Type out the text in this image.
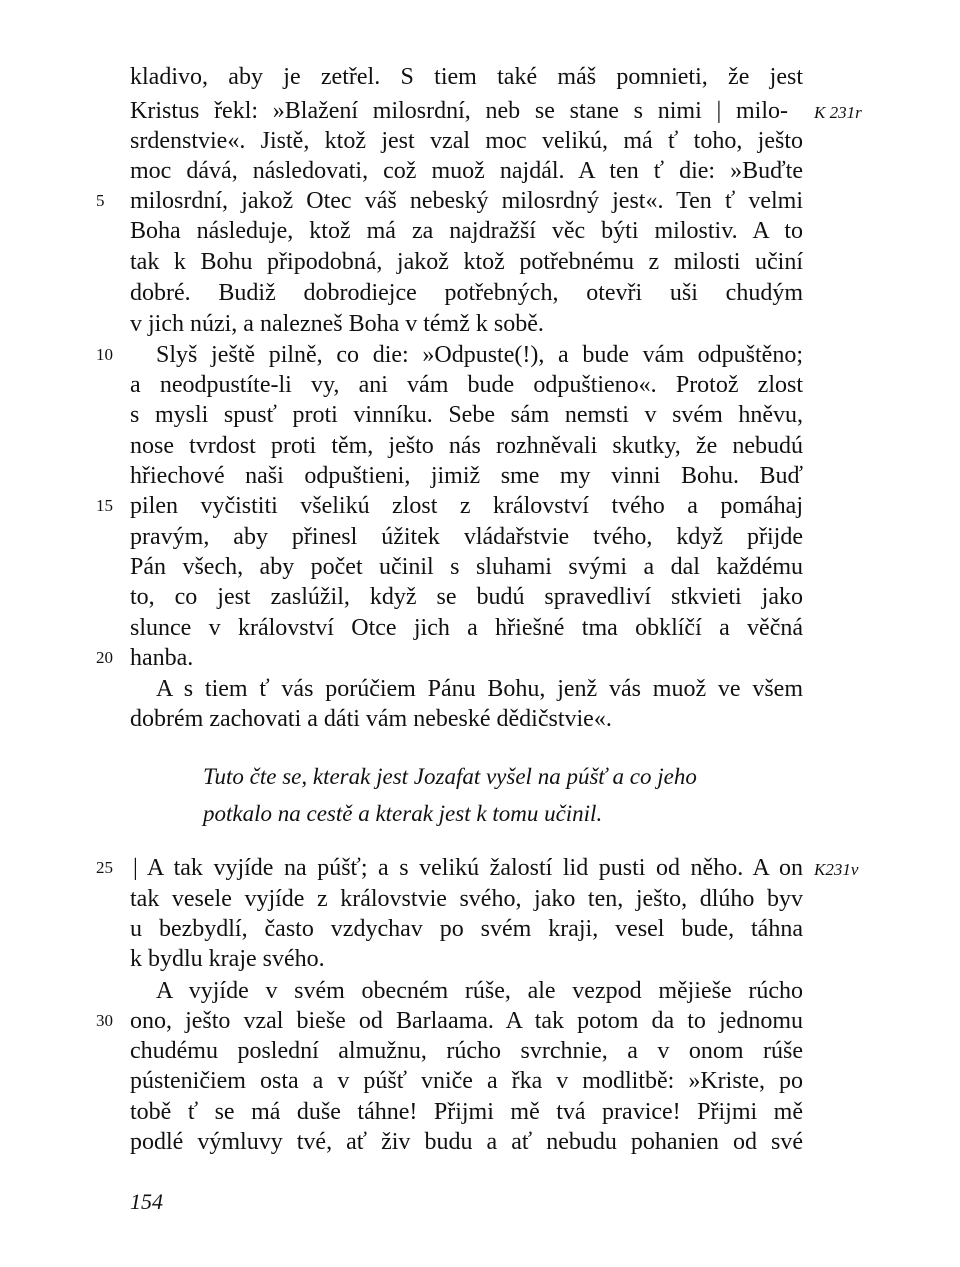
kladivo, aby je zetřel. S tiem také máš pomnieti, že jest
Kristus řekl: »Blažení milosrdní, neb se stane s nimi | milo-
srdenstvie«. Jistě, ktož jest vzal moc velikú, má ť toho, ješto
moc dává, následovati, což muož najdál. A ten ť die: »Buďte
milosrdní, jakož Otec váš nebeský milosrdný jest«. Ten ť velmi
Boha následuje, ktož má za najdražší věc býti milostiv. A to
tak k Bohu připodobná, jakož ktož potřebnému z milosti učiní
dobré. Budiž dobrodiejce potřebných, otevři uši chudým
v jich núzi, a nalezneš Boha v témž k sobě.
Slyš ještě pilně, co die: »Odpuste(!), a bude vám odpuštěno;
a neodpustíte-li vy, ani vám bude odpuštieno«. Protož zlost
s mysli spusť proti vinníku. Sebe sám nemsti v svém hněvu,
nose tvrdost proti těm, ješto nás rozhněvali skutky, že nebudú
hřiechové naši odpuštieni, jimiž sme my vinni Bohu. Buď
pilen vyčistiti všelikú zlost z království tvého a pomáhaj
pravým, aby přinesl úžitek vládařstvie tvého, když přijde
Pán všech, aby počet učinil s sluhami svými a dal každému
to, co jest zaslúžil, když se budú spravedliví stkvieti jako
slunce v království Otce jich a hřiešné tma obklíčí a věčná
hanba.
A s tiem ť vás porúčiem Pánu Bohu, jenž vás muož ve všem
dobrém zachovati a dáti vám nebeské dědičstvie«.
Tuto čte se, kterak jest Jozafat vyšel na púšť a co jeho
potkalo na cestě a kterak jest k tomu učinil.
| A tak vyjíde na púšť; a s velikú žalostí lid pusti od něho. A on
tak vesele vyjíde z královstvie svého, jako ten, ješto, dlúho byv
u bezbydlí, často vzdychav po svém kraji, vesel bude, táhna
k bydlu kraje svého.
A vyjíde v svém obecném rúše, ale vezpod mějieše rúcho
ono, ješto vzal bieše od Barlaama. A tak potom da to jednomu
chudému poslední almužnu, rúcho svrchnie, a v onom rúše
pústeničiem osta a v púšť vniče a řka v modlitbě: »Kriste, po
tobě ť se má duše táhne! Přijmi mě tvá pravice! Přijmi mě
podlé výmluvy tvé, ať živ budu a ať nebudu pohanien od své
5
10
15
20
25
30
K 231r
K231v
154
